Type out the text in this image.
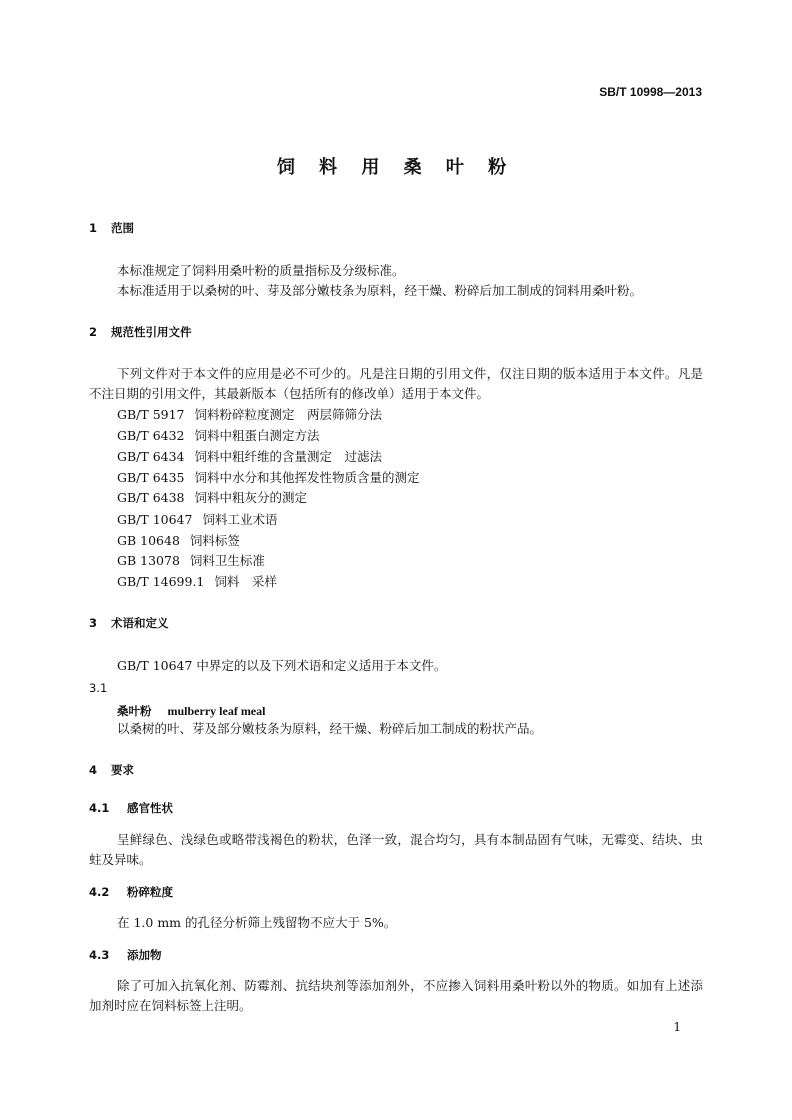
SB/T 10998—2013
饲 料 用 桑 叶 粉
1 范围
本标准规定了饲料用桑叶粉的质量指标及分级标准。
本标准适用于以桑树的叶、芽及部分嫩枝条为原料，经干燥、粉碎后加工制成的饲料用桑叶粉。
2 规范性引用文件
下列文件对于本文件的应用是必不可少的。凡是注日期的引用文件，仅注日期的版本适用于本文件。凡是不注日期的引用文件，其最新版本（包括所有的修改单）适用于本文件。
GB/T 5917 饲料粉碎粒度测定　两层筛筛分法
GB/T 6432 饲料中粗蛋白测定方法
GB/T 6434 饲料中粗纤维的含量测定　过滤法
GB/T 6435 饲料中水分和其他挥发性物质含量的测定
GB/T 6438 饲料中粗灰分的测定
GB/T 10647 饲料工业术语
GB 10648 饲料标签
GB 13078 饲料卫生标准
GB/T 14699.1 饲料　采样
3 术语和定义
GB/T 10647 中界定的以及下列术语和定义适用于本文件。
3.1
桑叶粉 mulberry leaf meal
以桑树的叶、芽及部分嫩枝条为原料，经干燥、粉碎后加工制成的粉状产品。
4 要求
4.1 感官性状
呈鲜绿色、浅绿色或略带浅褐色的粉状，色泽一致，混合均匀，具有本制品固有气味，无霉变、结块、虫蛀及异味。
4.2 粉碎粒度
在 1.0 mm 的孔径分析筛上残留物不应大于 5%。
4.3 添加物
除了可加入抗氧化剂、防霉剂、抗结块剂等添加剂外，不应掺入饲料用桑叶粉以外的物质。如加有上述添加剂时应在饲料标签上注明。
1
